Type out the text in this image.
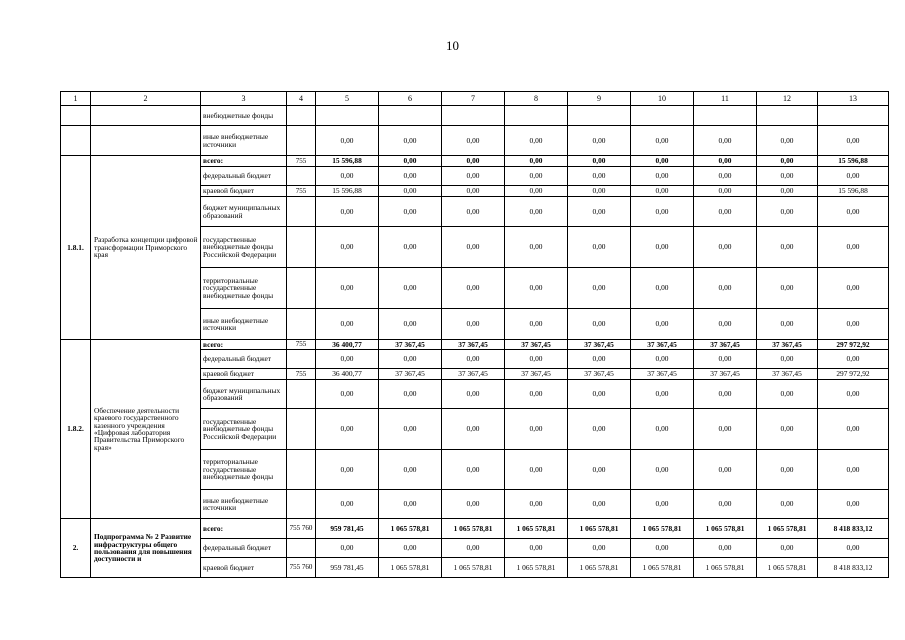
10
1	2	3	4	5	6	7	8	9	10	11	12	13
		внебюджетные фонды										
		иные внебюджетные источники		0,00	0,00	0,00	0,00	0,00	0,00	0,00	0,00	0,00
1.8.1.	Разработка концепции цифровой трансформации Приморского края	всего:	755	15 596,88	0,00	0,00	0,00	0,00	0,00	0,00	0,00	15 596,88
		федеральный бюджет		0,00	0,00	0,00	0,00	0,00	0,00	0,00	0,00	0,00
		краевой бюджет	755	15 596,88	0,00	0,00	0,00	0,00	0,00	0,00	0,00	15 596,88
		бюджет муниципальных образований		0,00	0,00	0,00	0,00	0,00	0,00	0,00	0,00	0,00
		государственные внебюджетные фонды Российской Федерации		0,00	0,00	0,00	0,00	0,00	0,00	0,00	0,00	0,00
		территориальные государственные внебюджетные фонды		0,00	0,00	0,00	0,00	0,00	0,00	0,00	0,00	0,00
		иные внебюджетные источники		0,00	0,00	0,00	0,00	0,00	0,00	0,00	0,00	0,00
1.8.2.	Обеспечение деятельности краевого государственного казенного учреждения «Цифровая лаборатория Правительства Приморского края»	всего:	755	36 400,77	37 367,45	37 367,45	37 367,45	37 367,45	37 367,45	37 367,45	37 367,45	297 972,92
		федеральный бюджет		0,00	0,00	0,00	0,00	0,00	0,00	0,00	0,00	0,00
		краевой бюджет	755	36 400,77	37 367,45	37 367,45	37 367,45	37 367,45	37 367,45	37 367,45	37 367,45	297 972,92
		бюджет муниципальных образований		0,00	0,00	0,00	0,00	0,00	0,00	0,00	0,00	0,00
		государственные внебюджетные фонды Российской Федерации		0,00	0,00	0,00	0,00	0,00	0,00	0,00	0,00	0,00
		территориальные государственные внебюджетные фонды		0,00	0,00	0,00	0,00	0,00	0,00	0,00	0,00	0,00
		иные внебюджетные источники		0,00	0,00	0,00	0,00	0,00	0,00	0,00	0,00	0,00
2.	Подпрограмма № 2 Развитие инфраструктуры общего пользования для повышения доступности и	всего:	755 760	959 781,45	1 065 578,81	1 065 578,81	1 065 578,81	1 065 578,81	1 065 578,81	1 065 578,81	1 065 578,81	8 418 833,12
		федеральный бюджет		0,00	0,00	0,00	0,00	0,00	0,00	0,00	0,00	0,00
		краевой бюджет	755 760	959 781,45	1 065 578,81	1 065 578,81	1 065 578,81	1 065 578,81	1 065 578,81	1 065 578,81	1 065 578,81	8 418 833,12
